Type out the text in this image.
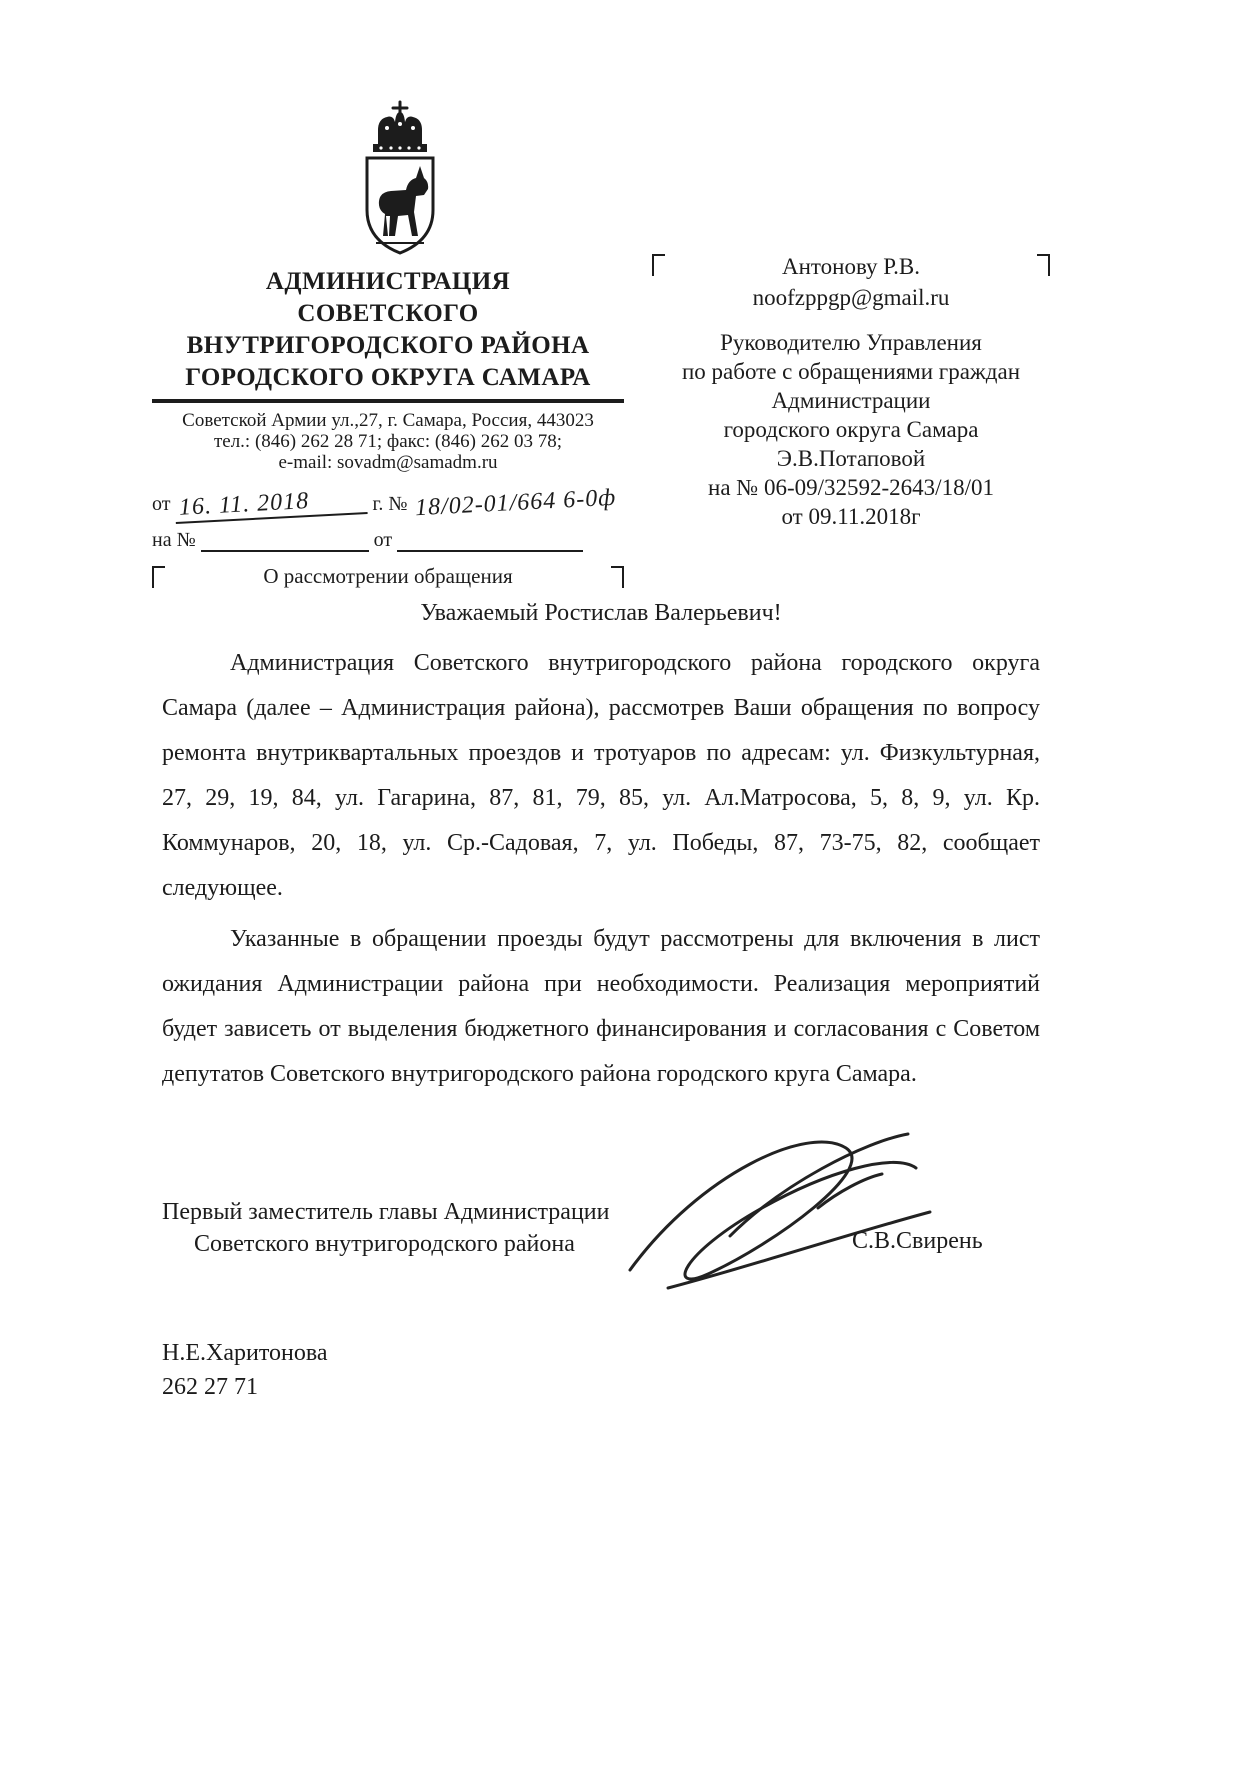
АДМИНИСТРАЦИЯ
СОВЕТСКОГО
ВНУТРИГОРОДСКОГО РАЙОНА
ГОРОДСКОГО ОКРУГА САМАРА
Советской Армии ул.,27, г. Самара, Россия, 443023
тел.: (846) 262 28 71; факс: (846) 262 03 78;
e-mail: sovadm@samadm.ru
от 16. 11. 2018	г. № 18/02-01/664 6-0ф
на №	от
О рассмотрении обращения
Антонову Р.В.
noofzppgp@gmail.ru
Руководителю Управления
по работе с обращениями граждан
Администрации
городского округа Самара
Э.В.Потаповой
на № 06-09/32592-2643/18/01
от 09.11.2018г

Уважаемый Ростислав Валерьевич!

Администрация Советского внутригородского района городского округа Самара (далее – Администрация района), рассмотрев Ваши обращения по вопросу ремонта внутриквартальных проездов и тротуаров по адресам: ул. Физкультурная, 27, 29, 19, 84, ул. Гагарина, 87, 81, 79, 85, ул. Ал.Матросова, 5, 8, 9, ул. Кр. Коммунаров, 20, 18, ул. Ср.-Садовая, 7, ул. Победы, 87, 73-75, 82, сообщает следующее.

Указанные в обращении проезды будут рассмотрены для включения в лист ожидания Администрации района при необходимости. Реализация мероприятий будет зависеть от выделения бюджетного финансирования и согласования с Советом депутатов Советского внутригородского района городского круга Самара.

Первый заместитель главы Администрации
Советского внутригородского района	С.В.Свирень
Н.Е.Харитонова
262 27 71
